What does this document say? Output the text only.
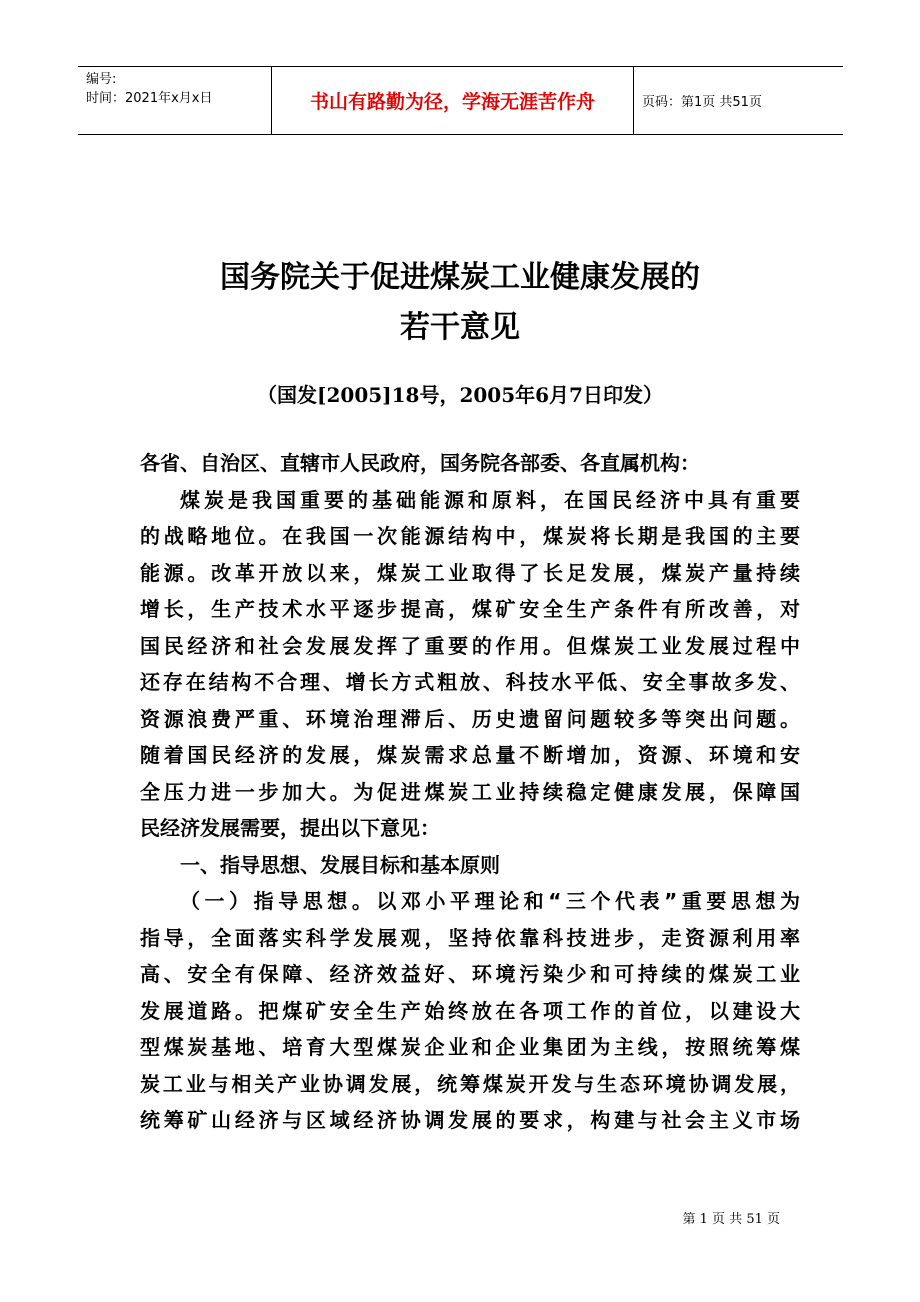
编号:
时间：2021年x月x日	书山有路勤为径，学海无涯苦作舟	页码：第1页 共51页
国务院关于促进煤炭工业健康发展的
若干意见
（国发[2005]18号，2005年6月7日印发）
各省、自治区、直辖市人民政府，国务院各部委、各直属机构：
煤炭是我国重要的基础能源和原料，在国民经济中具有重要
的战略地位。在我国一次能源结构中，煤炭将长期是我国的主要
能源。改革开放以来，煤炭工业取得了长足发展，煤炭产量持续
增长，生产技术水平逐步提高，煤矿安全生产条件有所改善，对
国民经济和社会发展发挥了重要的作用。但煤炭工业发展过程中
还存在结构不合理、增长方式粗放、科技水平低、安全事故多发、
资源浪费严重、环境治理滞后、历史遗留问题较多等突出问题。
随着国民经济的发展，煤炭需求总量不断增加，资源、环境和安
全压力进一步加大。为促进煤炭工业持续稳定健康发展，保障国
民经济发展需要，提出以下意见：
一、指导思想、发展目标和基本原则
（一）指导思想。以邓小平理论和“三个代表”重要思想为
指导，全面落实科学发展观，坚持依靠科技进步，走资源利用率
高、安全有保障、经济效益好、环境污染少和可持续的煤炭工业
发展道路。把煤矿安全生产始终放在各项工作的首位，以建设大
型煤炭基地、培育大型煤炭企业和企业集团为主线，按照统筹煤
炭工业与相关产业协调发展，统筹煤炭开发与生态环境协调发展，
统筹矿山经济与区域经济协调发展的要求，构建与社会主义市场
第 1 页 共 51 页
